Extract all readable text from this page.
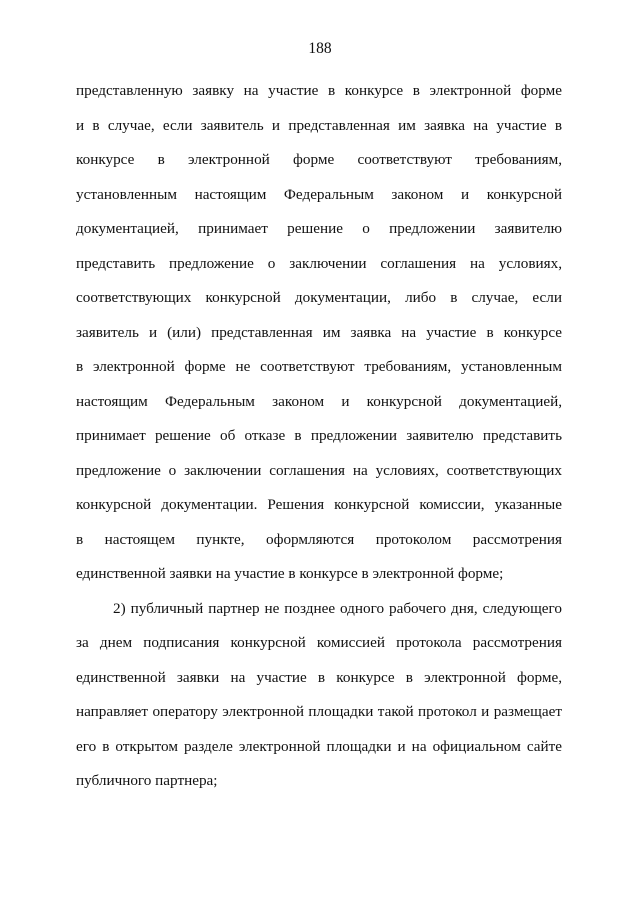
188
представленную заявку на участие в конкурсе в электронной форме
и в случае, если заявитель и представленная им заявка на участие в
конкурсе в электронной форме соответствуют требованиям,
установленным настоящим Федеральным законом и конкурсной
документацией, принимает решение о предложении заявителю
представить предложение о заключении соглашения на условиях,
соответствующих конкурсной документации, либо в случае, если
заявитель и (или) представленная им заявка на участие в конкурсе
в электронной форме не соответствуют требованиям, установленным
настоящим Федеральным законом и конкурсной документацией,
принимает решение об отказе в предложении заявителю представить
предложение о заключении соглашения на условиях, соответствующих
конкурсной документации. Решения конкурсной комиссии, указанные
в настоящем пункте, оформляются протоколом рассмотрения
единственной заявки на участие в конкурсе в электронной форме;
2) публичный партнер не позднее одного рабочего дня, следующего
за днем подписания конкурсной комиссией протокола рассмотрения
единственной заявки на участие в конкурсе в электронной форме,
направляет оператору электронной площадки такой протокол и размещает
его в открытом разделе электронной площадки и на официальном сайте
публичного партнера;
